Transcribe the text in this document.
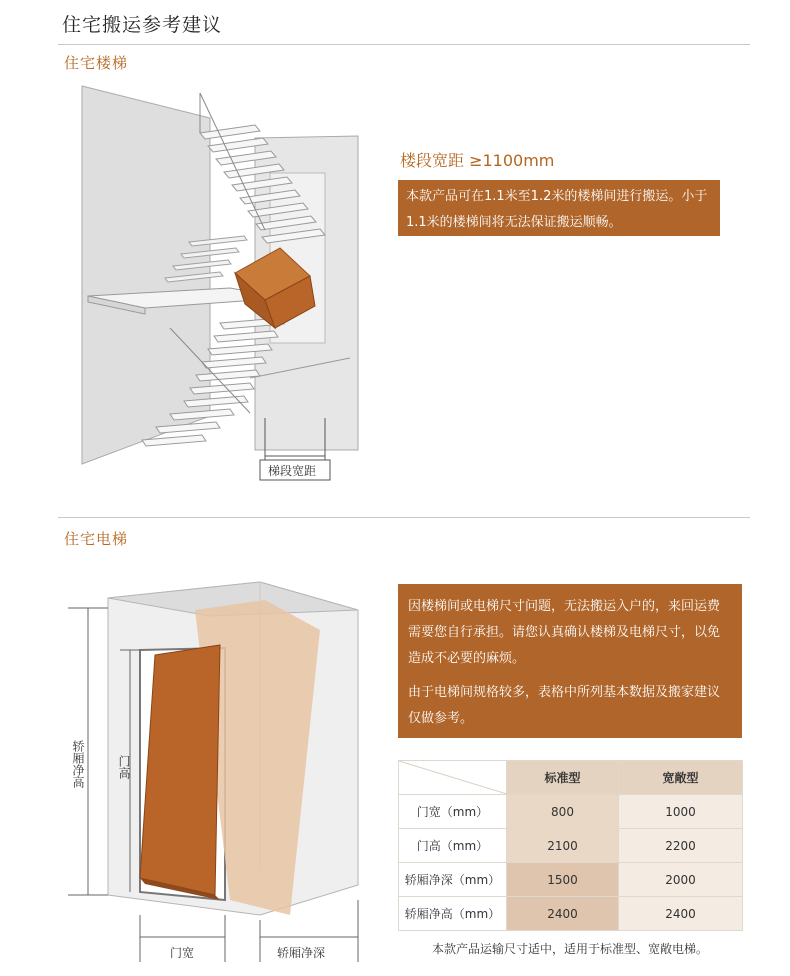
住宅搬运参考建议
住宅楼梯
梯段宽距
楼段宽距 ≥1100mm

本款产品可在1.1米至1.2米的楼梯间进行搬运。小于1.1米的楼梯间将无法保证搬运顺畅。

住宅电梯
轿厢净高	门高
门宽	轿厢净深

因楼梯间或电梯尺寸问题，无法搬运入户的，来回运费需要您自行承担。请您认真确认楼梯及电梯尺寸，以免造成不必要的麻烦。

由于电梯间规格较多，表格中所列基本数据及搬家建议仅做参考。

	标准型	宽敞型
门宽（mm）	800	1000
门高（mm）	2100	2200
轿厢净深（mm）	1500	2000
轿厢净高（mm）	2400	2400
本款产品运输尺寸适中，适用于标准型、宽敞电梯。
